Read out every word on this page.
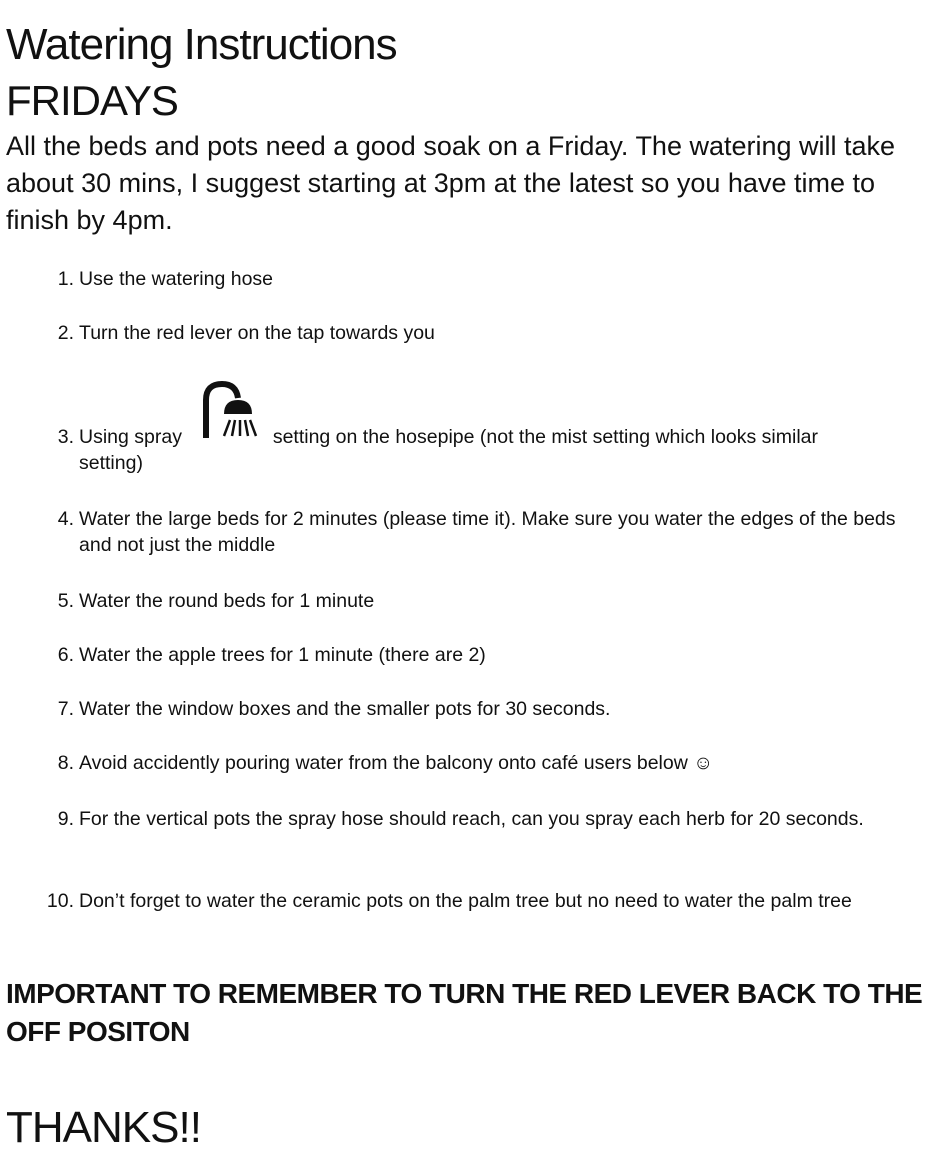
Watering Instructions
FRIDAYS

All the beds and pots need a good soak on a Friday. The watering will take about 30 mins, I suggest starting at 3pm at the latest so you have time to finish by 4pm.

1. Use the watering hose
2. Turn the red lever on the tap towards you
3. Using spray	setting on the hosepipe (not the mist setting which looks similar
setting)
4. Water the large beds for 2 minutes (please time it). Make sure you water the edges of the beds and not just the middle
5. Water the round beds for 1 minute
6. Water the apple trees for 1 minute (there are 2)
7. Water the window boxes and the smaller pots for 30 seconds.
8. Avoid accidently pouring water from the balcony onto café users below ☺
9. For the vertical pots the spray hose should reach, can you spray each herb for 20 seconds.
10. Don’t forget to water the ceramic pots on the palm tree but no need to water the palm tree

IMPORTANT TO REMEMBER TO TURN THE RED LEVER BACK TO THE OFF POSITON

THANKS!!
